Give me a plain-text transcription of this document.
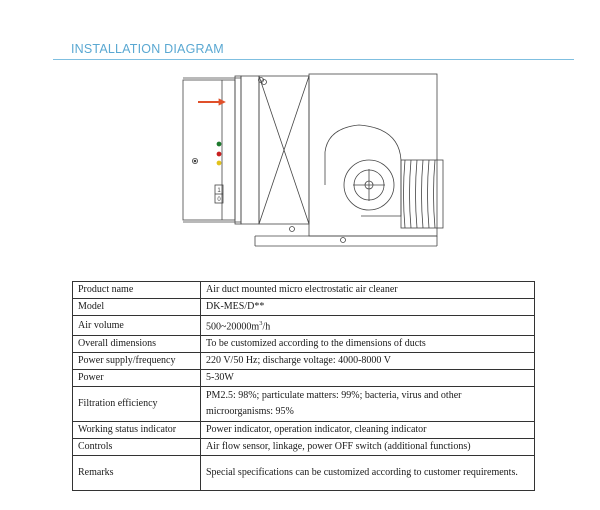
INSTALLATION DIAGRAM
1
0
Product name	Air duct mounted micro electrostatic air cleaner
Model	DK-MES/D**
Air volume	$500\sim 20000m^3/h$
Overall dimensions	To be customized according to the dimensions of ducts
Power supply/frequency	220 V/50 Hz; discharge voltage: 4000-8000 V
Power	5-30W
Filtration efficiency	PM2.5: 98%; particulate matters: 99%; bacteria, virus and other microorganisms: 95%
Working status indicator	Power indicator, operation indicator, cleaning indicator
Controls	Air flow sensor, linkage, power OFF switch (additional functions)
Remarks	Special specifications can be customized according to customer requirements.
